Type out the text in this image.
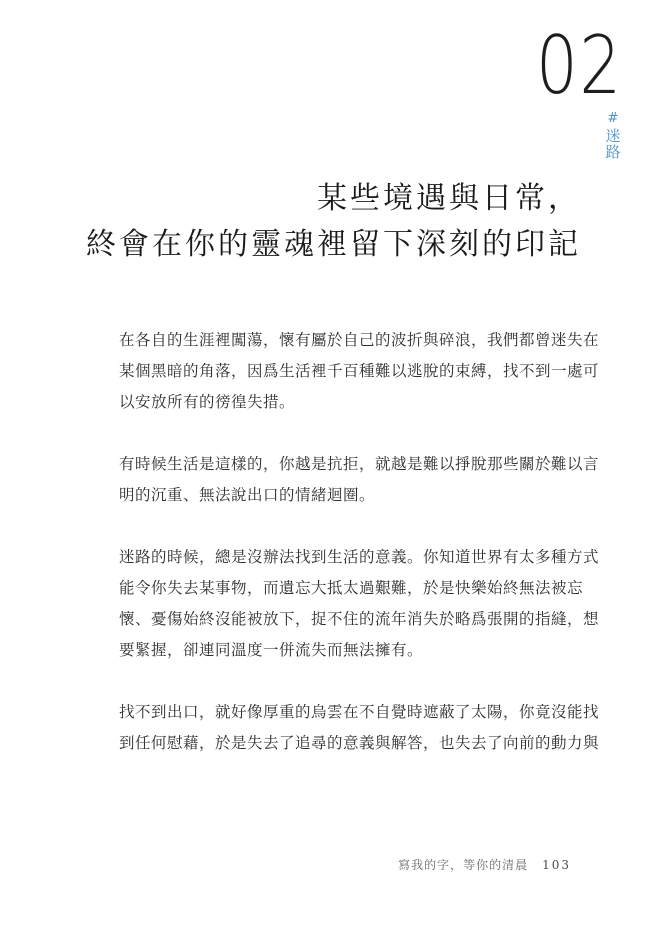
02
#
迷
路
某些境遇與日常，
終會在你的靈魂裡留下深刻的印記

在各自的生涯裡闖蕩，懷有屬於自己的波折與碎浪，我們都曾迷失在
某個黑暗的角落，因爲生活裡千百種難以逃脫的束縛，找不到一處可
以安放所有的徬徨失措。

有時候生活是這樣的，你越是抗拒，就越是難以掙脫那些關於難以言
明的沉重、無法說出口的情緒迴圈。

迷路的時候，總是沒辦法找到生活的意義。你知道世界有太多種方式
能令你失去某事物，而遺忘大抵太過艱難，於是快樂始終無法被忘
懷、憂傷始終沒能被放下，捉不住的流年消失於略爲張開的指縫，想
要緊握，卻連同溫度一併流失而無法擁有。

找不到出口，就好像厚重的烏雲在不自覺時遮蔽了太陽，你竟沒能找
到任何慰藉，於是失去了追尋的意義與解答，也失去了向前的動力與

寫我的字，等你的清晨 103
